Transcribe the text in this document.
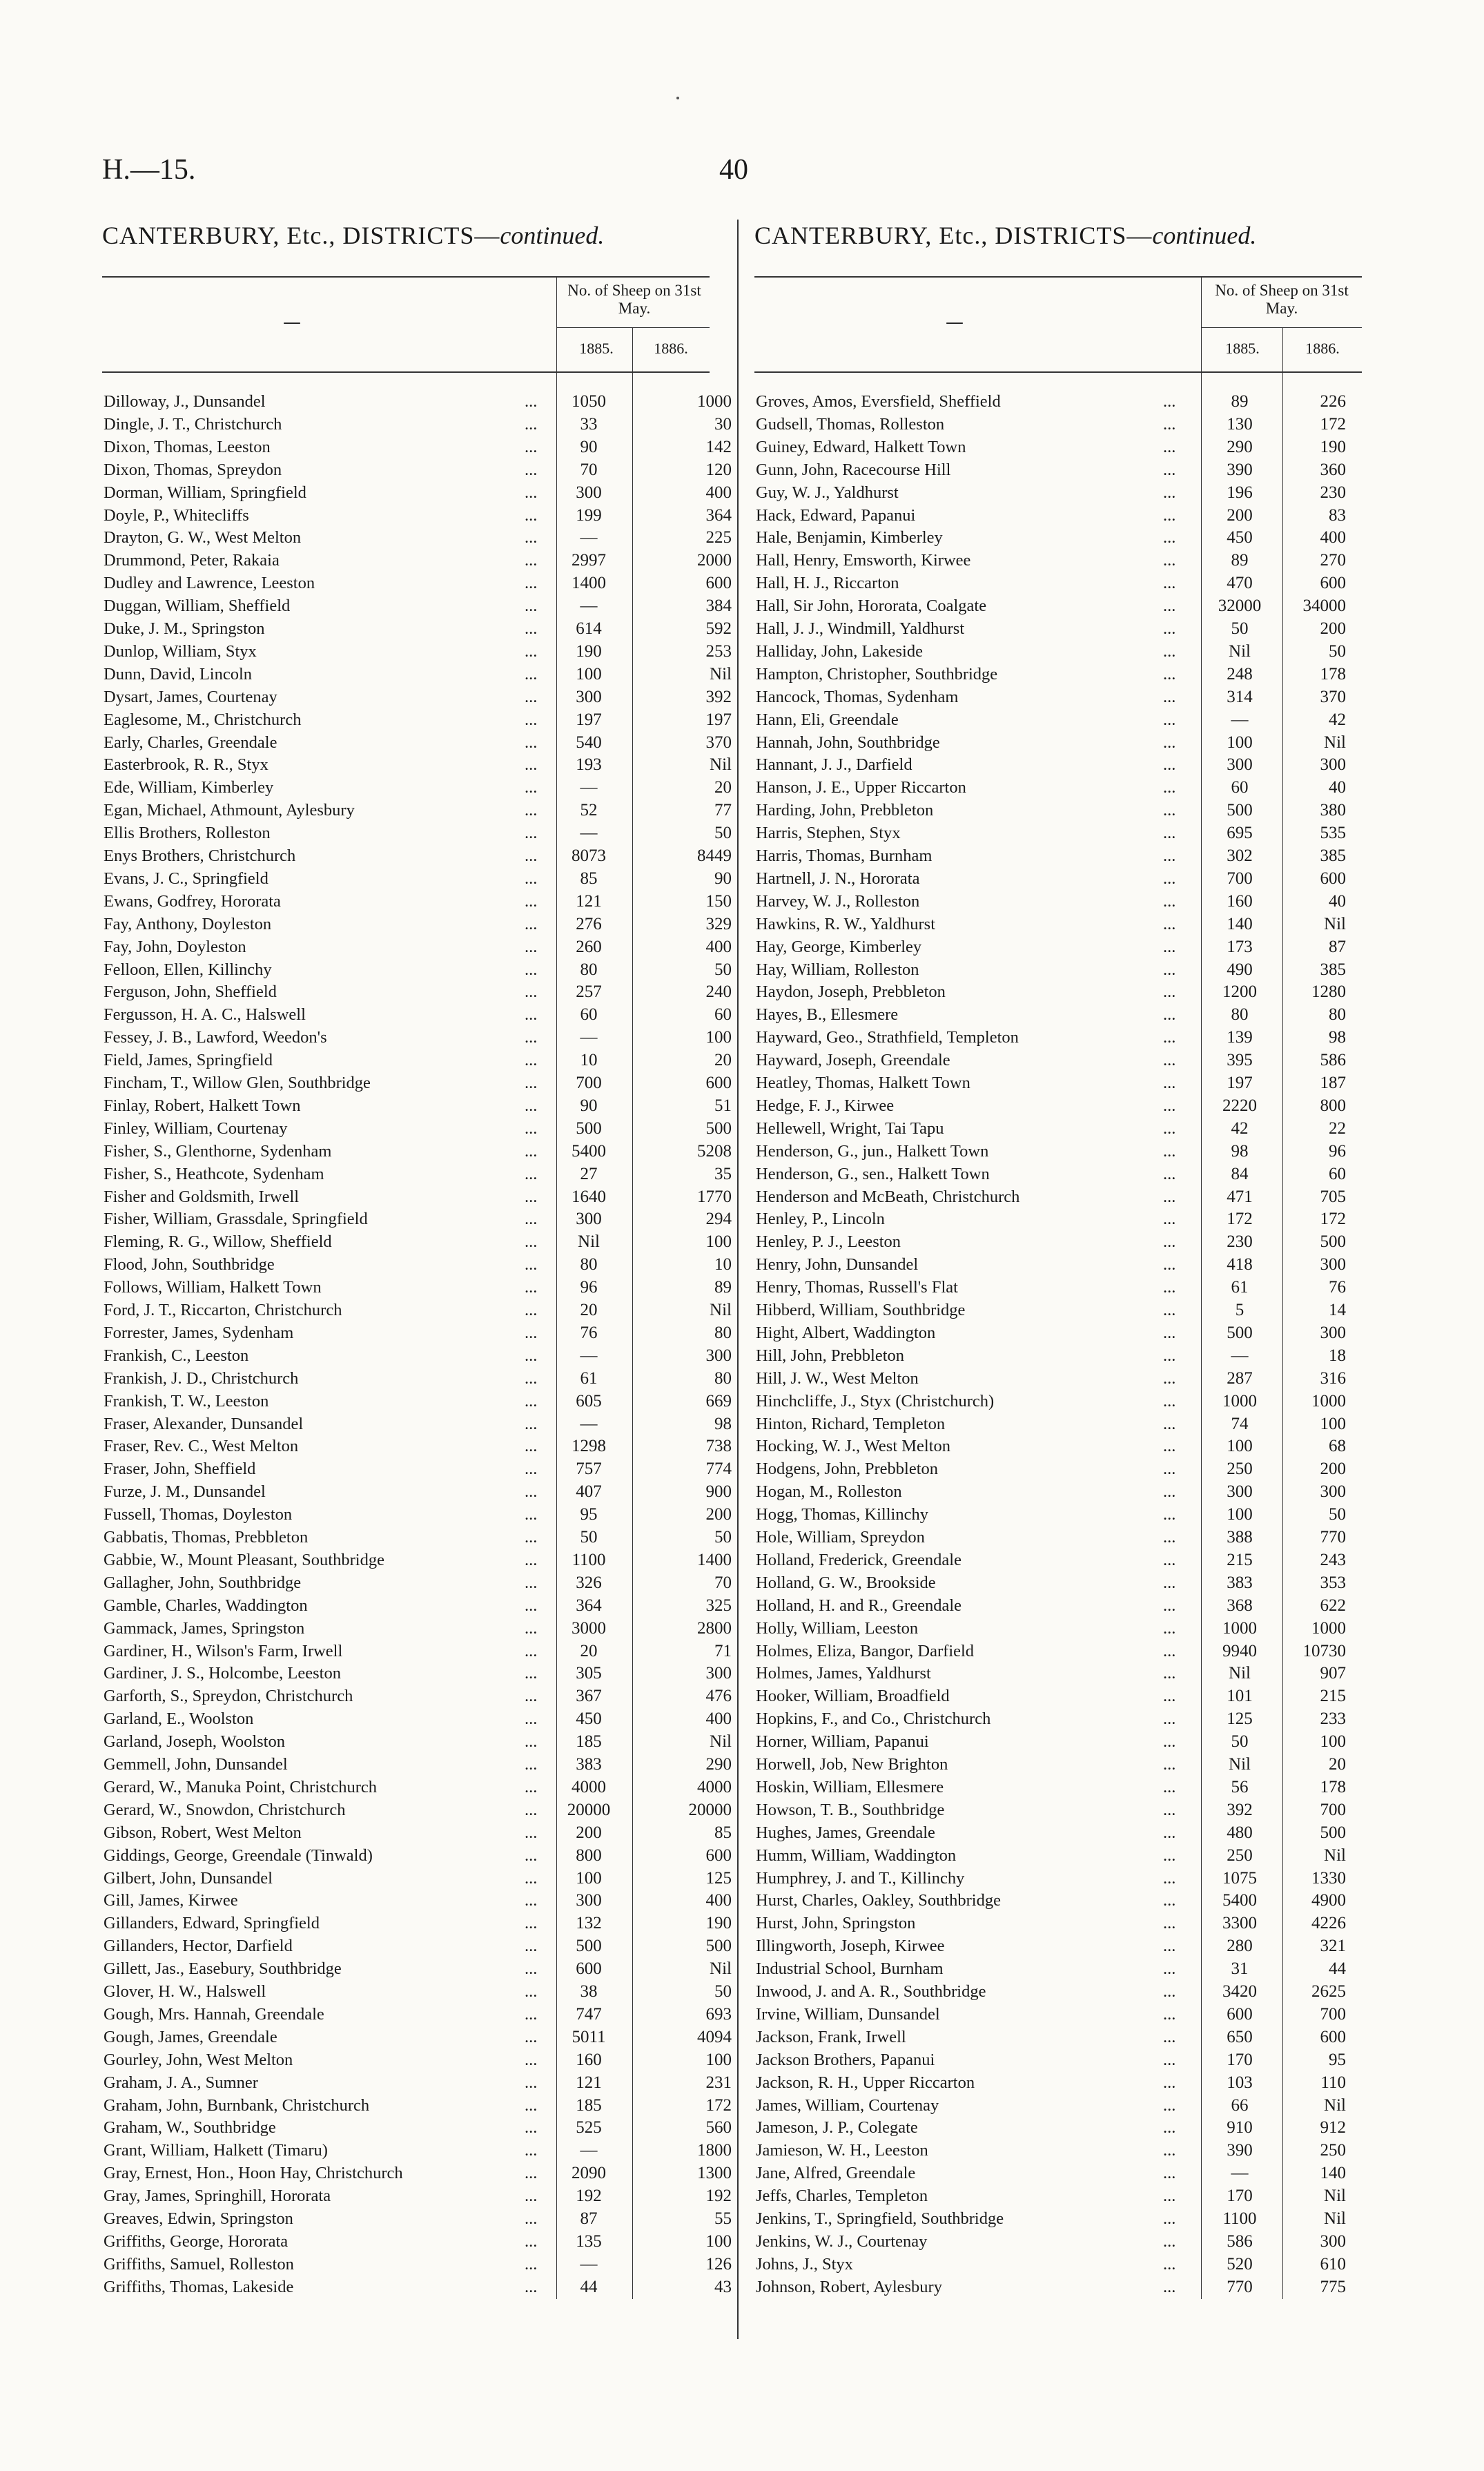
H.—15.	40
CANTERBURY, Etc., DISTRICTS—continued.	CANTERBURY, Etc., DISTRICTS—continued.
—
No. of Sheep on 31st May.
1885.	1886.
—
No. of Sheep on 31st May.
1885.	1886.
Dilloway, J., Dunsandel	...	1050	1000
Dingle, J. T., Christchurch	...	33	30
Dixon, Thomas, Leeston	...	90	142
Dixon, Thomas, Spreydon	...	70	120
Dorman, William, Springfield	...	300	400
Doyle, P., Whitecliffs	...	199	364
Drayton, G. W., West Melton	...	—	225
Drummond, Peter, Rakaia	...	2997	2000
Dudley and Lawrence, Leeston	...	1400	600
Duggan, William, Sheffield	...	—	384
Duke, J. M., Springston	...	614	592
Dunlop, William, Styx	...	190	253
Dunn, David, Lincoln	...	100	Nil
Dysart, James, Courtenay	...	300	392
Eaglesome, M., Christchurch	...	197	197
Early, Charles, Greendale	...	540	370
Easterbrook, R. R., Styx	...	193	Nil
Ede, William, Kimberley	...	—	20
Egan, Michael, Athmount, Aylesbury	...	52	77
Ellis Brothers, Rolleston	...	—	50
Enys Brothers, Christchurch	...	8073	8449
Evans, J. C., Springfield	...	85	90
Ewans, Godfrey, Hororata	...	121	150
Fay, Anthony, Doyleston	...	276	329
Fay, John, Doyleston	...	260	400
Felloon, Ellen, Killinchy	...	80	50
Ferguson, John, Sheffield	...	257	240
Fergusson, H. A. C., Halswell	...	60	60
Fessey, J. B., Lawford, Weedon's	...	—	100
Field, James, Springfield	...	10	20
Fincham, T., Willow Glen, Southbridge	...	700	600
Finlay, Robert, Halkett Town	...	90	51
Finley, William, Courtenay	...	500	500
Fisher, S., Glenthorne, Sydenham	...	5400	5208
Fisher, S., Heathcote, Sydenham	...	27	35
Fisher and Goldsmith, Irwell	...	1640	1770
Fisher, William, Grassdale, Springfield	...	300	294
Fleming, R. G., Willow, Sheffield	...	Nil	100
Flood, John, Southbridge	...	80	10
Follows, William, Halkett Town	...	96	89
Ford, J. T., Riccarton, Christchurch	...	20	Nil
Forrester, James, Sydenham	...	76	80
Frankish, C., Leeston	...	—	300
Frankish, J. D., Christchurch	...	61	80
Frankish, T. W., Leeston	...	605	669
Fraser, Alexander, Dunsandel	...	—	98
Fraser, Rev. C., West Melton	...	1298	738
Fraser, John, Sheffield	...	757	774
Furze, J. M., Dunsandel	...	407	900
Fussell, Thomas, Doyleston	...	95	200
Gabbatis, Thomas, Prebbleton	...	50	50
Gabbie, W., Mount Pleasant, Southbridge	...	1100	1400
Gallagher, John, Southbridge	...	326	70
Gamble, Charles, Waddington	...	364	325
Gammack, James, Springston	...	3000	2800
Gardiner, H., Wilson's Farm, Irwell	...	20	71
Gardiner, J. S., Holcombe, Leeston	...	305	300
Garforth, S., Spreydon, Christchurch	...	367	476
Garland, E., Woolston	...	450	400
Garland, Joseph, Woolston	...	185	Nil
Gemmell, John, Dunsandel	...	383	290
Gerard, W., Manuka Point, Christchurch	...	4000	4000
Gerard, W., Snowdon, Christchurch	...	20000	20000
Gibson, Robert, West Melton	...	200	85
Giddings, George, Greendale (Tinwald)	...	800	600
Gilbert, John, Dunsandel	...	100	125
Gill, James, Kirwee	...	300	400
Gillanders, Edward, Springfield	...	132	190
Gillanders, Hector, Darfield	...	500	500
Gillett, Jas., Easebury, Southbridge	...	600	Nil
Glover, H. W., Halswell	...	38	50
Gough, Mrs. Hannah, Greendale	...	747	693
Gough, James, Greendale	...	5011	4094
Gourley, John, West Melton	...	160	100
Graham, J. A., Sumner	...	121	231
Graham, John, Burnbank, Christchurch	...	185	172
Graham, W., Southbridge	...	525	560
Grant, William, Halkett (Timaru)	...	—	1800
Gray, Ernest, Hon., Hoon Hay, Christchurch	...	2090	1300
Gray, James, Springhill, Hororata	...	192	192
Greaves, Edwin, Springston	...	87	55
Griffiths, George, Hororata	...	135	100
Griffiths, Samuel, Rolleston	...	—	126
Griffiths, Thomas, Lakeside	...	44	43
Groves, Amos, Eversfield, Sheffield	...	89	226
Gudsell, Thomas, Rolleston	...	130	172
Guiney, Edward, Halkett Town	...	290	190
Gunn, John, Racecourse Hill	...	390	360
Guy, W. J., Yaldhurst	...	196	230
Hack, Edward, Papanui	...	200	83
Hale, Benjamin, Kimberley	...	450	400
Hall, Henry, Emsworth, Kirwee	...	89	270
Hall, H. J., Riccarton	...	470	600
Hall, Sir John, Hororata, Coalgate	...	32000	34000
Hall, J. J., Windmill, Yaldhurst	...	50	200
Halliday, John, Lakeside	...	Nil	50
Hampton, Christopher, Southbridge	...	248	178
Hancock, Thomas, Sydenham	...	314	370
Hann, Eli, Greendale	...	—	42
Hannah, John, Southbridge	...	100	Nil
Hannant, J. J., Darfield	...	300	300
Hanson, J. E., Upper Riccarton	...	60	40
Harding, John, Prebbleton	...	500	380
Harris, Stephen, Styx	...	695	535
Harris, Thomas, Burnham	...	302	385
Hartnell, J. N., Hororata	...	700	600
Harvey, W. J., Rolleston	...	160	40
Hawkins, R. W., Yaldhurst	...	140	Nil
Hay, George, Kimberley	...	173	87
Hay, William, Rolleston	...	490	385
Haydon, Joseph, Prebbleton	...	1200	1280
Hayes, B., Ellesmere	...	80	80
Hayward, Geo., Strathfield, Templeton	...	139	98
Hayward, Joseph, Greendale	...	395	586
Heatley, Thomas, Halkett Town	...	197	187
Hedge, F. J., Kirwee	...	2220	800
Hellewell, Wright, Tai Tapu	...	42	22
Henderson, G., jun., Halkett Town	...	98	96
Henderson, G., sen., Halkett Town	...	84	60
Henderson and McBeath, Christchurch	...	471	705
Henley, P., Lincoln	...	172	172
Henley, P. J., Leeston	...	230	500
Henry, John, Dunsandel	...	418	300
Henry, Thomas, Russell's Flat	...	61	76
Hibberd, William, Southbridge	...	5	14
Hight, Albert, Waddington	...	500	300
Hill, John, Prebbleton	...	—	18
Hill, J. W., West Melton	...	287	316
Hinchcliffe, J., Styx (Christchurch)	...	1000	1000
Hinton, Richard, Templeton	...	74	100
Hocking, W. J., West Melton	...	100	68
Hodgens, John, Prebbleton	...	250	200
Hogan, M., Rolleston	...	300	300
Hogg, Thomas, Killinchy	...	100	50
Hole, William, Spreydon	...	388	770
Holland, Frederick, Greendale	...	215	243
Holland, G. W., Brookside	...	383	353
Holland, H. and R., Greendale	...	368	622
Holly, William, Leeston	...	1000	1000
Holmes, Eliza, Bangor, Darfield	...	9940	10730
Holmes, James, Yaldhurst	...	Nil	907
Hooker, William, Broadfield	...	101	215
Hopkins, F., and Co., Christchurch	...	125	233
Horner, William, Papanui	...	50	100
Horwell, Job, New Brighton	...	Nil	20
Hoskin, William, Ellesmere	...	56	178
Howson, T. B., Southbridge	...	392	700
Hughes, James, Greendale	...	480	500
Humm, William, Waddington	...	250	Nil
Humphrey, J. and T., Killinchy	...	1075	1330
Hurst, Charles, Oakley, Southbridge	...	5400	4900
Hurst, John, Springston	...	3300	4226
Illingworth, Joseph, Kirwee	...	280	321
Industrial School, Burnham	...	31	44
Inwood, J. and A. R., Southbridge	...	3420	2625
Irvine, William, Dunsandel	...	600	700
Jackson, Frank, Irwell	...	650	600
Jackson Brothers, Papanui	...	170	95
Jackson, R. H., Upper Riccarton	...	103	110
James, William, Courtenay	...	66	Nil
Jameson, J. P., Colegate	...	910	912
Jamieson, W. H., Leeston	...	390	250
Jane, Alfred, Greendale	...	—	140
Jeffs, Charles, Templeton	...	170	Nil
Jenkins, T., Springfield, Southbridge	...	1100	Nil
Jenkins, W. J., Courtenay	...	586	300
Johns, J., Styx	...	520	610
Johnson, Robert, Aylesbury	...	770	775
